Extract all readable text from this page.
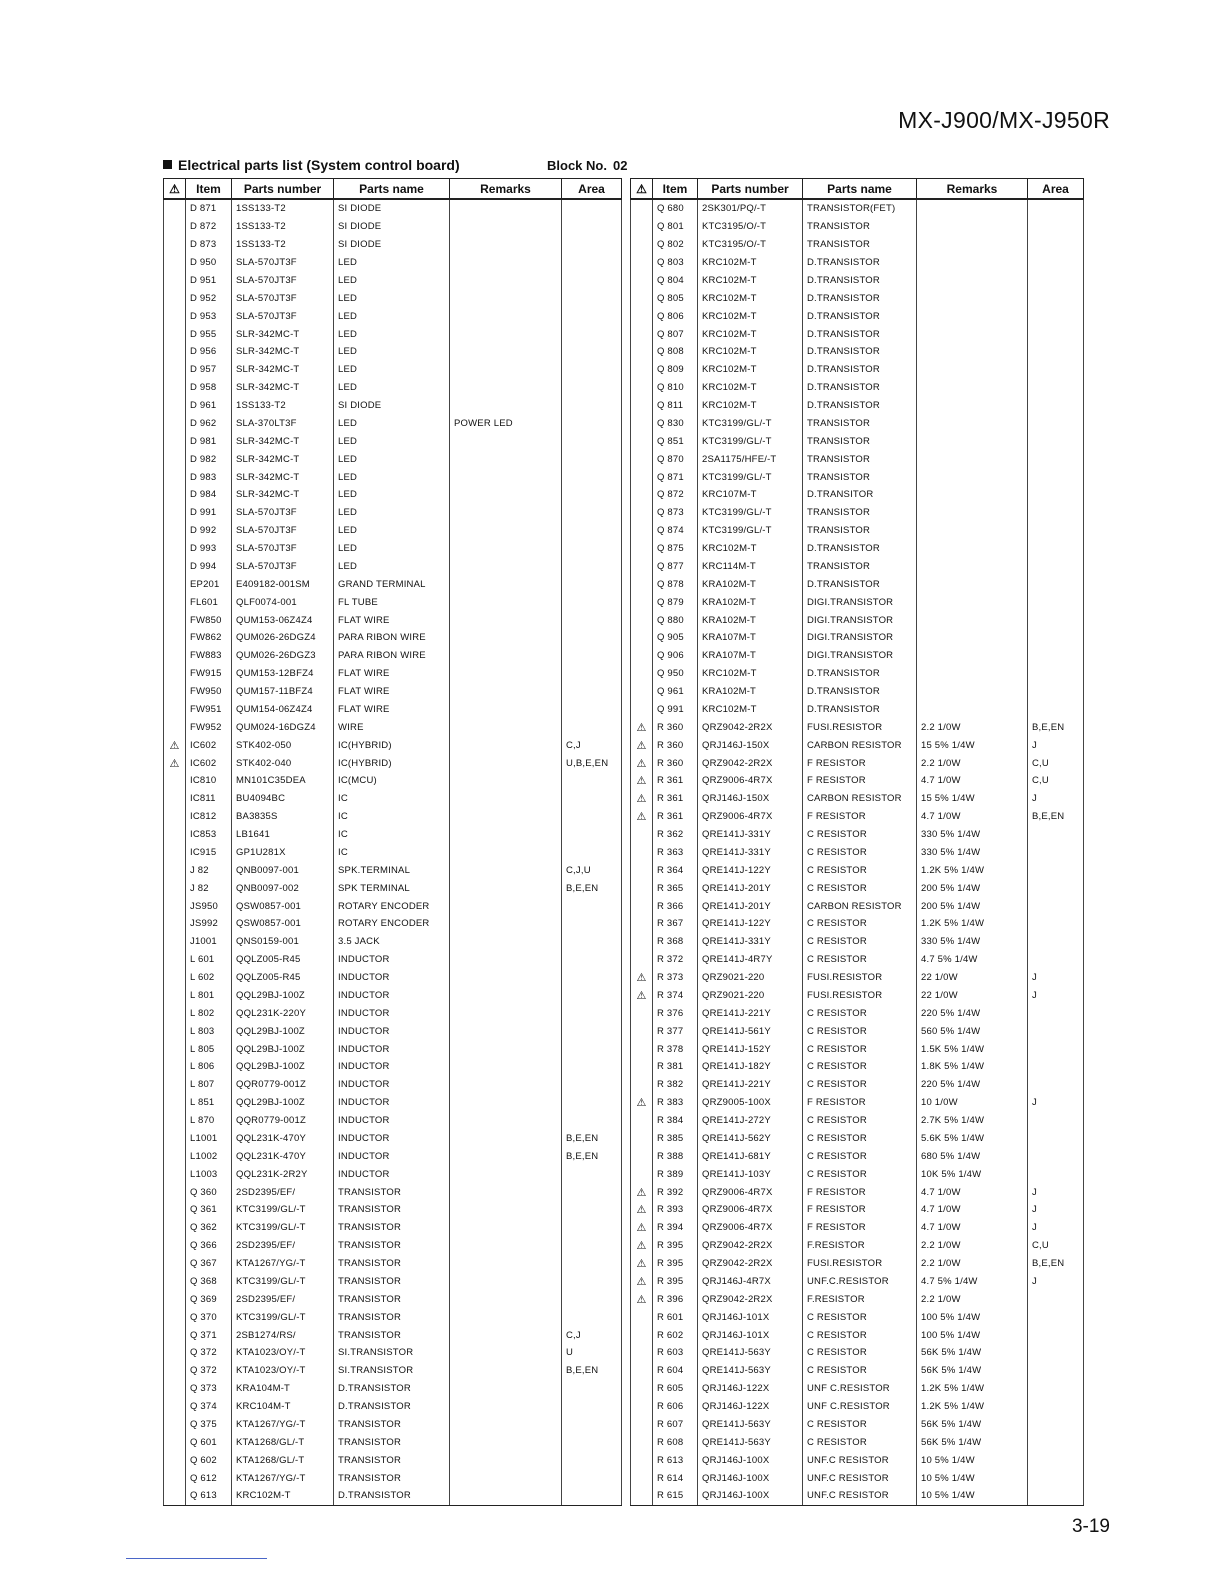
MX-J900/MX-J950R
Electrical parts list (System control board)	Block No. 02
⚠	Item	Parts number	Parts name	Remarks	Area
	D 871	1SS133-T2	SI DIODE		
	D 872	1SS133-T2	SI DIODE		
	D 873	1SS133-T2	SI DIODE		
	D 950	SLA-570JT3F	LED		
	D 951	SLA-570JT3F	LED		
	D 952	SLA-570JT3F	LED		
	D 953	SLA-570JT3F	LED		
	D 955	SLR-342MC-T	LED		
	D 956	SLR-342MC-T	LED		
	D 957	SLR-342MC-T	LED		
	D 958	SLR-342MC-T	LED		
	D 961	1SS133-T2	SI DIODE		
	D 962	SLA-370LT3F	LED	POWER LED	
	D 981	SLR-342MC-T	LED		
	D 982	SLR-342MC-T	LED		
	D 983	SLR-342MC-T	LED		
	D 984	SLR-342MC-T	LED		
	D 991	SLA-570JT3F	LED		
	D 992	SLA-570JT3F	LED		
	D 993	SLA-570JT3F	LED		
	D 994	SLA-570JT3F	LED		
	EP201	E409182-001SM	GRAND TERMINAL		
	FL601	QLF0074-001	FL TUBE		
	FW850	QUM153-06Z4Z4	FLAT WIRE		
	FW862	QUM026-26DGZ4	PARA RIBON WIRE		
	FW883	QUM026-26DGZ3	PARA RIBON WIRE		
	FW915	QUM153-12BFZ4	FLAT WIRE		
	FW950	QUM157-11BFZ4	FLAT WIRE		
	FW951	QUM154-06Z4Z4	FLAT WIRE		
	FW952	QUM024-16DGZ4	WIRE		
⚠	IC602	STK402-050	IC(HYBRID)		C,J
⚠	IC602	STK402-040	IC(HYBRID)		U,B,E,EN
	IC810	MN101C35DEA	IC(MCU)		
	IC811	BU4094BC	IC		
	IC812	BA3835S	IC		
	IC853	LB1641	IC		
	IC915	GP1U281X	IC		
	J 82	QNB0097-001	SPK.TERMINAL		C,J,U
	J 82	QNB0097-002	SPK TERMINAL		B,E,EN
	JS950	QSW0857-001	ROTARY ENCODER		
	JS992	QSW0857-001	ROTARY ENCODER		
	J1001	QNS0159-001	3.5 JACK		
	L 601	QQLZ005-R45	INDUCTOR		
	L 602	QQLZ005-R45	INDUCTOR		
	L 801	QQL29BJ-100Z	INDUCTOR		
	L 802	QQL231K-220Y	INDUCTOR		
	L 803	QQL29BJ-100Z	INDUCTOR		
	L 805	QQL29BJ-100Z	INDUCTOR		
	L 806	QQL29BJ-100Z	INDUCTOR		
	L 807	QQR0779-001Z	INDUCTOR		
	L 851	QQL29BJ-100Z	INDUCTOR		
	L 870	QQR0779-001Z	INDUCTOR		
	L1001	QQL231K-470Y	INDUCTOR		B,E,EN
	L1002	QQL231K-470Y	INDUCTOR		B,E,EN
	L1003	QQL231K-2R2Y	INDUCTOR		
	Q 360	2SD2395/EF/	TRANSISTOR		
	Q 361	KTC3199/GL/-T	TRANSISTOR		
	Q 362	KTC3199/GL/-T	TRANSISTOR		
	Q 366	2SD2395/EF/	TRANSISTOR		
	Q 367	KTA1267/YG/-T	TRANSISTOR		
	Q 368	KTC3199/GL/-T	TRANSISTOR		
	Q 369	2SD2395/EF/	TRANSISTOR		
	Q 370	KTC3199/GL/-T	TRANSISTOR		
	Q 371	2SB1274/RS/	TRANSISTOR		C,J
	Q 372	KTA1023/OY/-T	SI.TRANSISTOR		U
	Q 372	KTA1023/OY/-T	SI.TRANSISTOR		B,E,EN
	Q 373	KRA104M-T	D.TRANSISTOR		
	Q 374	KRC104M-T	D.TRANSISTOR		
	Q 375	KTA1267/YG/-T	TRANSISTOR		
	Q 601	KTA1268/GL/-T	TRANSISTOR		
	Q 602	KTA1268/GL/-T	TRANSISTOR		
	Q 612	KTA1267/YG/-T	TRANSISTOR		
	Q 613	KRC102M-T	D.TRANSISTOR		
⚠	Item	Parts number	Parts name	Remarks	Area
	Q 680	2SK301/PQ/-T	TRANSISTOR(FET)		
	Q 801	KTC3195/O/-T	TRANSISTOR		
	Q 802	KTC3195/O/-T	TRANSISTOR		
	Q 803	KRC102M-T	D.TRANSISTOR		
	Q 804	KRC102M-T	D.TRANSISTOR		
	Q 805	KRC102M-T	D.TRANSISTOR		
	Q 806	KRC102M-T	D.TRANSISTOR		
	Q 807	KRC102M-T	D.TRANSISTOR		
	Q 808	KRC102M-T	D.TRANSISTOR		
	Q 809	KRC102M-T	D.TRANSISTOR		
	Q 810	KRC102M-T	D.TRANSISTOR		
	Q 811	KRC102M-T	D.TRANSISTOR		
	Q 830	KTC3199/GL/-T	TRANSISTOR		
	Q 851	KTC3199/GL/-T	TRANSISTOR		
	Q 870	2SA1175/HFE/-T	TRANSISTOR		
	Q 871	KTC3199/GL/-T	TRANSISTOR		
	Q 872	KRC107M-T	D.TRANSITOR		
	Q 873	KTC3199/GL/-T	TRANSISTOR		
	Q 874	KTC3199/GL/-T	TRANSISTOR		
	Q 875	KRC102M-T	D.TRANSISTOR		
	Q 877	KRC114M-T	TRANSISTOR		
	Q 878	KRA102M-T	D.TRANSISTOR		
	Q 879	KRA102M-T	DIGI.TRANSISTOR		
	Q 880	KRA102M-T	DIGI.TRANSISTOR		
	Q 905	KRA107M-T	DIGI.TRANSISTOR		
	Q 906	KRA107M-T	DIGI.TRANSISTOR		
	Q 950	KRC102M-T	D.TRANSISTOR		
	Q 961	KRA102M-T	D.TRANSISTOR		
	Q 991	KRC102M-T	D.TRANSISTOR		
⚠	R 360	QRZ9042-2R2X	FUSI.RESISTOR	2.2 1/0W	B,E,EN
⚠	R 360	QRJ146J-150X	CARBON RESISTOR	15 5% 1/4W	J
⚠	R 360	QRZ9042-2R2X	F RESISTOR	2.2 1/0W	C,U
⚠	R 361	QRZ9006-4R7X	F RESISTOR	4.7 1/0W	C,U
⚠	R 361	QRJ146J-150X	CARBON RESISTOR	15 5% 1/4W	J
⚠	R 361	QRZ9006-4R7X	F RESISTOR	4.7 1/0W	B,E,EN
	R 362	QRE141J-331Y	C RESISTOR	330 5% 1/4W	
	R 363	QRE141J-331Y	C RESISTOR	330 5% 1/4W	
	R 364	QRE141J-122Y	C RESISTOR	1.2K 5% 1/4W	
	R 365	QRE141J-201Y	C RESISTOR	200 5% 1/4W	
	R 366	QRE141J-201Y	CARBON RESISTOR	200 5% 1/4W	
	R 367	QRE141J-122Y	C RESISTOR	1.2K 5% 1/4W	
	R 368	QRE141J-331Y	C RESISTOR	330 5% 1/4W	
	R 372	QRE141J-4R7Y	C RESISTOR	4.7 5% 1/4W	
⚠	R 373	QRZ9021-220	FUSI.RESISTOR	22 1/0W	J
⚠	R 374	QRZ9021-220	FUSI.RESISTOR	22 1/0W	J
	R 376	QRE141J-221Y	C RESISTOR	220 5% 1/4W	
	R 377	QRE141J-561Y	C RESISTOR	560 5% 1/4W	
	R 378	QRE141J-152Y	C RESISTOR	1.5K 5% 1/4W	
	R 381	QRE141J-182Y	C RESISTOR	1.8K 5% 1/4W	
	R 382	QRE141J-221Y	C RESISTOR	220 5% 1/4W	
⚠	R 383	QRZ9005-100X	F RESISTOR	10 1/0W	J
	R 384	QRE141J-272Y	C RESISTOR	2.7K 5% 1/4W	
	R 385	QRE141J-562Y	C RESISTOR	5.6K 5% 1/4W	
	R 388	QRE141J-681Y	C RESISTOR	680 5% 1/4W	
	R 389	QRE141J-103Y	C RESISTOR	10K 5% 1/4W	
⚠	R 392	QRZ9006-4R7X	F RESISTOR	4.7 1/0W	J
⚠	R 393	QRZ9006-4R7X	F RESISTOR	4.7 1/0W	J
⚠	R 394	QRZ9006-4R7X	F RESISTOR	4.7 1/0W	J
⚠	R 395	QRZ9042-2R2X	F.RESISTOR	2.2 1/0W	C,U
⚠	R 395	QRZ9042-2R2X	FUSI.RESISTOR	2.2 1/0W	B,E,EN
⚠	R 395	QRJ146J-4R7X	UNF.C.RESISTOR	4.7 5% 1/4W	J
⚠	R 396	QRZ9042-2R2X	F.RESISTOR	2.2 1/0W	
	R 601	QRJ146J-101X	C RESISTOR	100 5% 1/4W	
	R 602	QRJ146J-101X	C RESISTOR	100 5% 1/4W	
	R 603	QRE141J-563Y	C RESISTOR	56K 5% 1/4W	
	R 604	QRE141J-563Y	C RESISTOR	56K 5% 1/4W	
	R 605	QRJ146J-122X	UNF C.RESISTOR	1.2K 5% 1/4W	
	R 606	QRJ146J-122X	UNF C.RESISTOR	1.2K 5% 1/4W	
	R 607	QRE141J-563Y	C RESISTOR	56K 5% 1/4W	
	R 608	QRE141J-563Y	C RESISTOR	56K 5% 1/4W	
	R 613	QRJ146J-100X	UNF.C RESISTOR	10 5% 1/4W	
	R 614	QRJ146J-100X	UNF.C RESISTOR	10 5% 1/4W	
	R 615	QRJ146J-100X	UNF.C RESISTOR	10 5% 1/4W	
3-19
